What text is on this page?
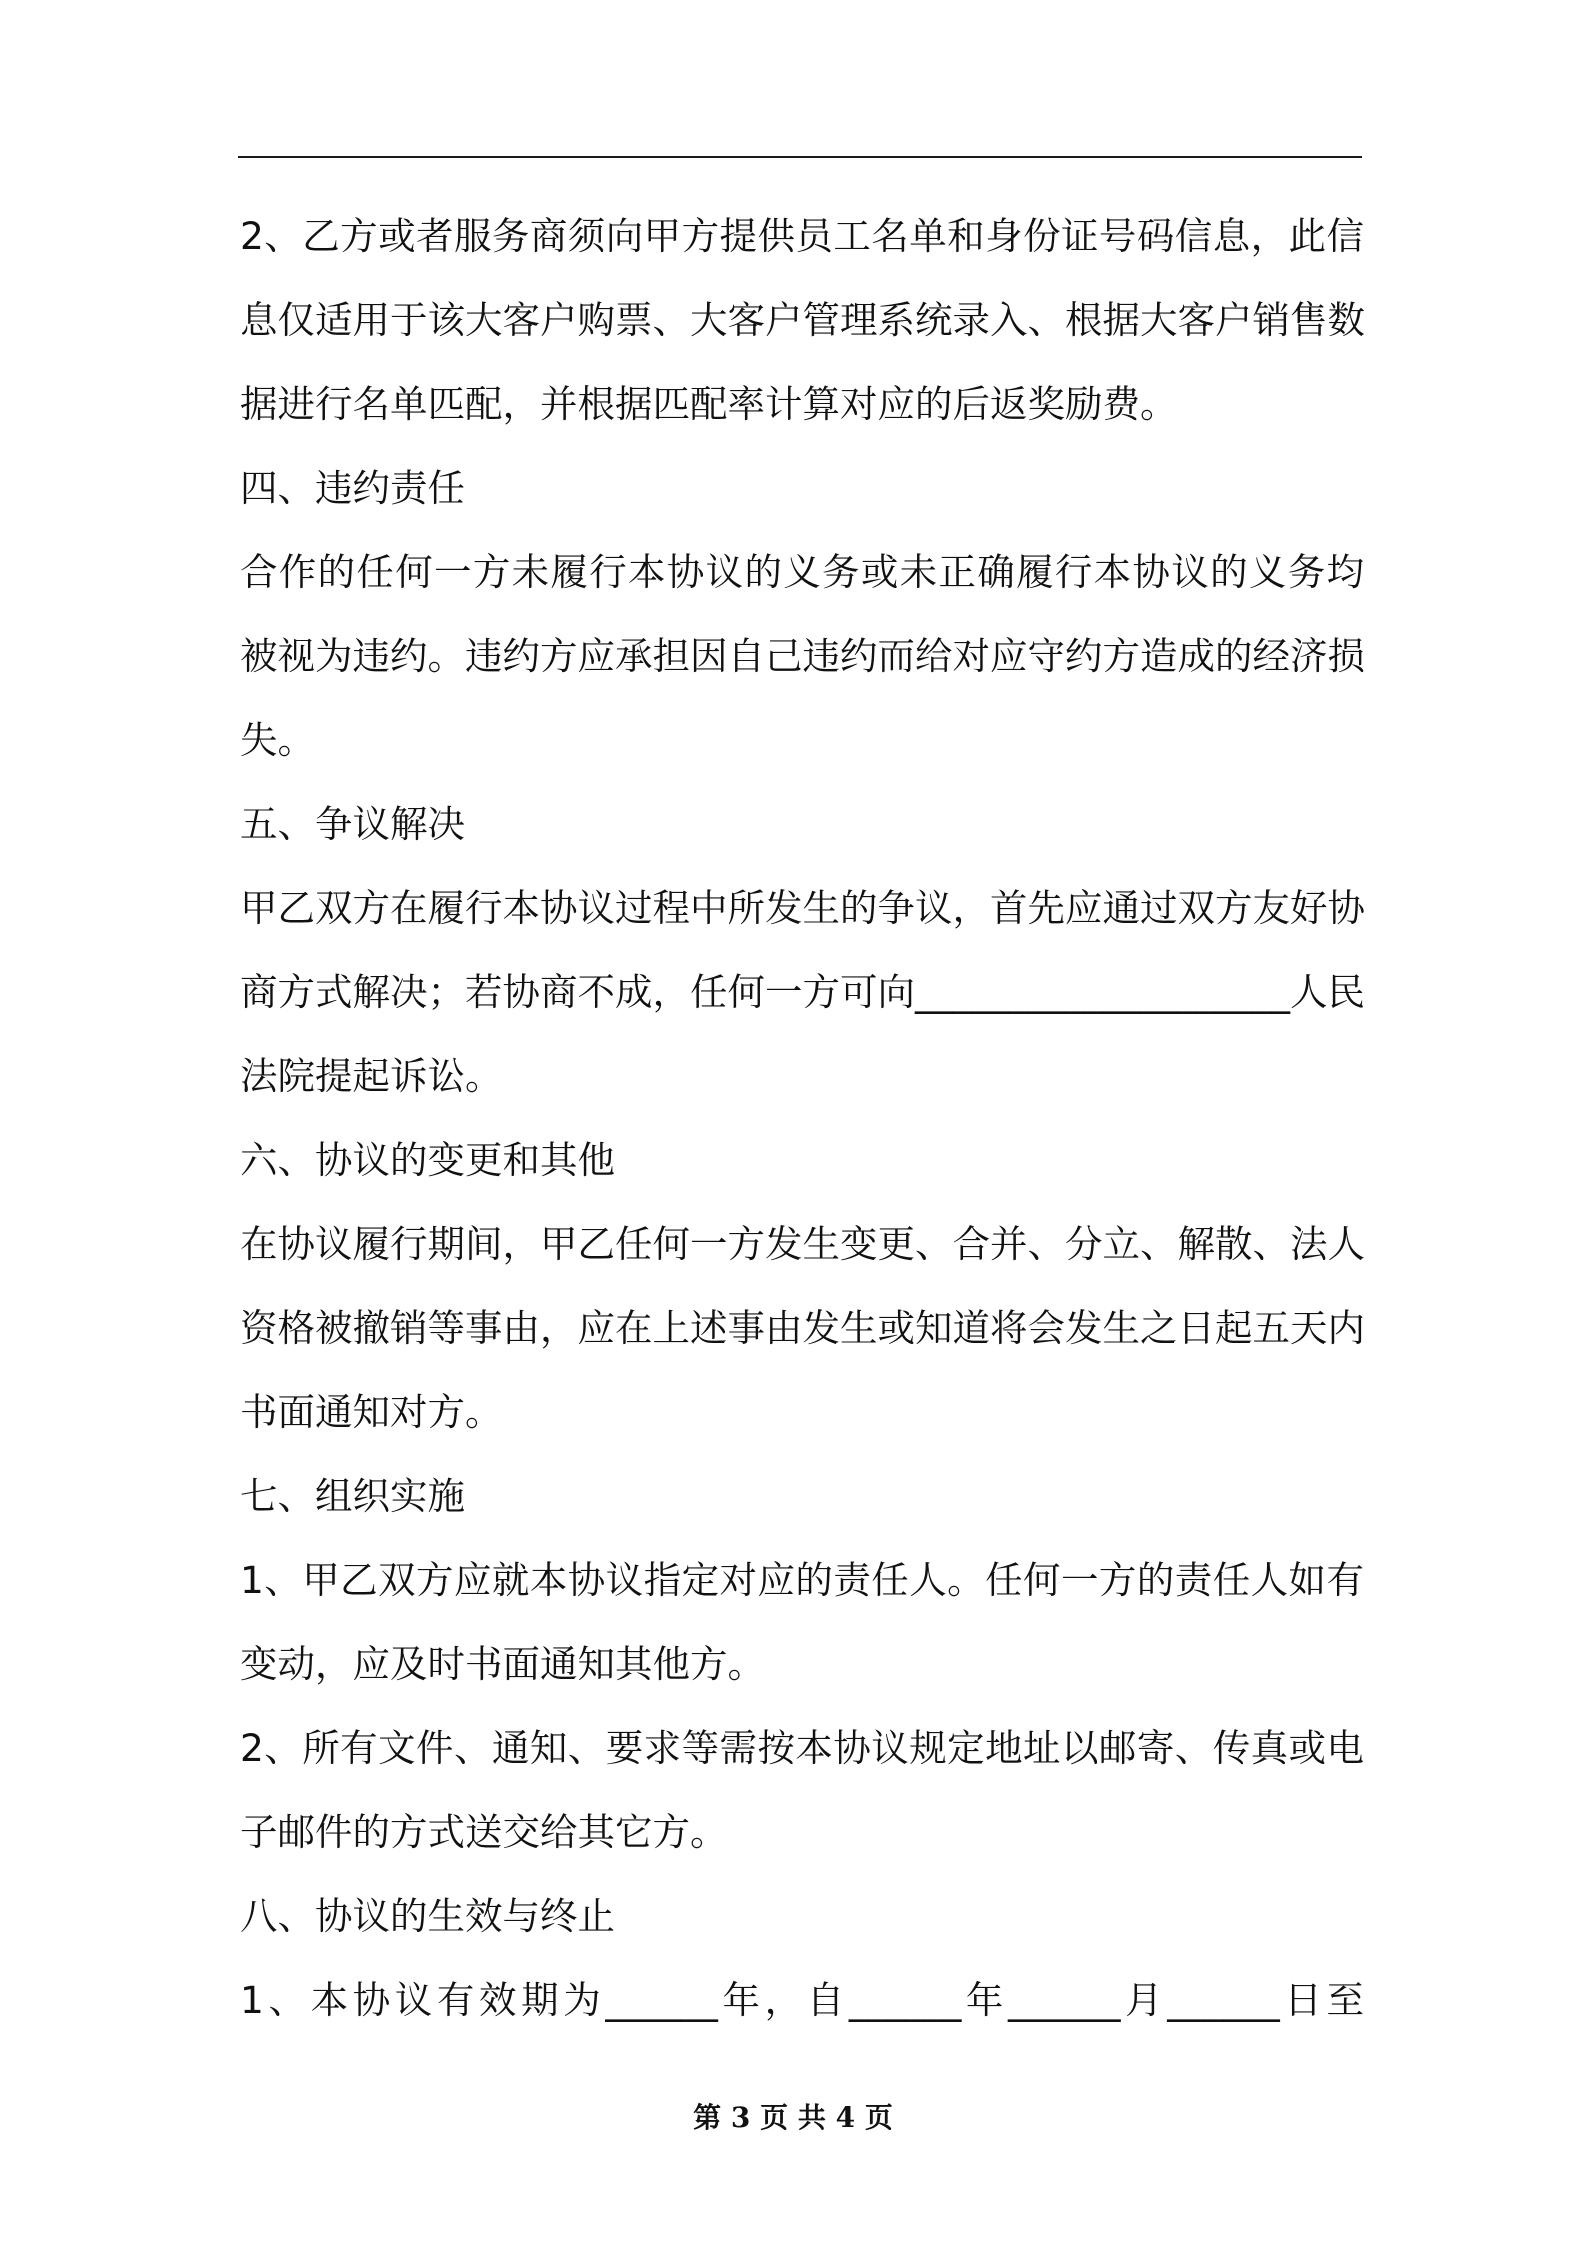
2、乙方或者服务商须向甲方提供员工名单和身份证号码信息，此信
息仅适用于该大客户购票、大客户管理系统录入、根据大客户销售数
据进行名单匹配，并根据匹配率计算对应的后返奖励费。
四、违约责任
合作的任何一方未履行本协议的义务或未正确履行本协议的义务均
被视为违约。违约方应承担因自己违约而给对应守约方造成的经济损
失。
五、争议解决
甲乙双方在履行本协议过程中所发生的争议，首先应通过双方友好协
商方式解决；若协商不成，任何一方可向____________________人民
法院提起诉讼。
六、协议的变更和其他
在协议履行期间，甲乙任何一方发生变更、合并、分立、解散、法人
资格被撤销等事由，应在上述事由发生或知道将会发生之日起五天内
书面通知对方。
七、组织实施
1、甲乙双方应就本协议指定对应的责任人。任何一方的责任人如有
变动，应及时书面通知其他方。
2、所有文件、通知、要求等需按本协议规定地址以邮寄、传真或电
子邮件的方式送交给其它方。
八、协议的生效与终止
1、本协议有效期为______年，自______年______月______日至
第 3 页 共 4 页
